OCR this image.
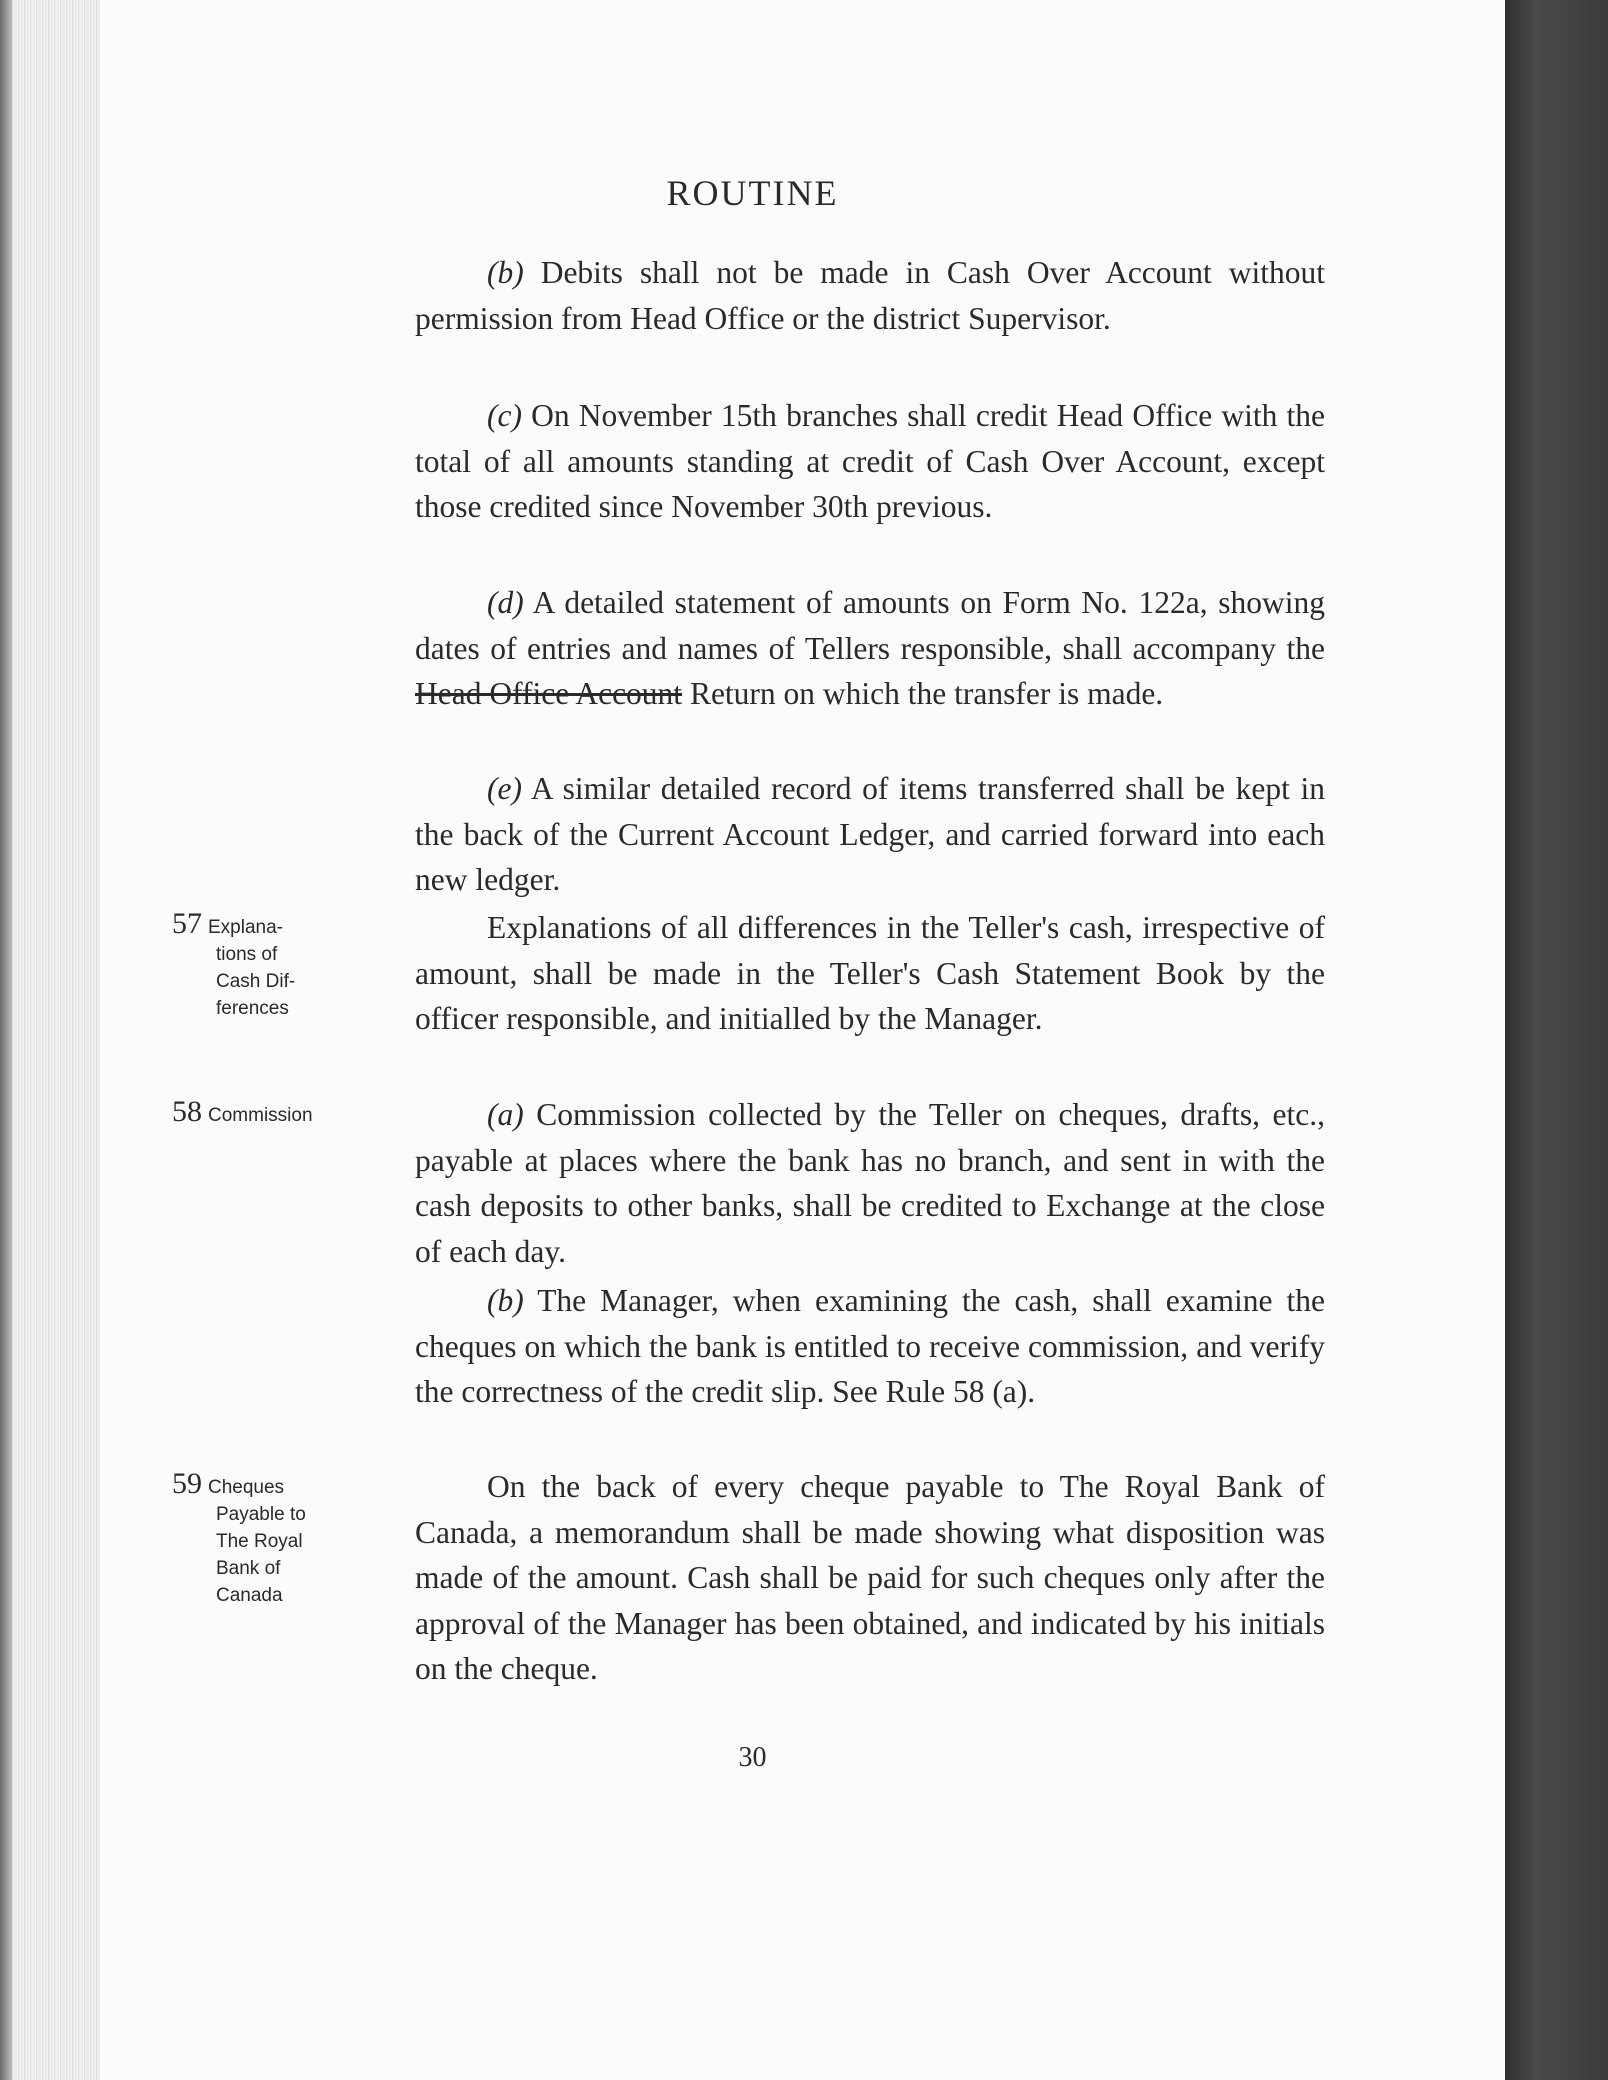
ROUTINE

(b) Debits shall not be made in Cash Over Account without permission from Head Office or the district Supervisor.

(c) On November 15th branches shall credit Head Office with the total of all amounts standing at credit of Cash Over Account, except those credited since November 30th previous.

(d) A detailed statement of amounts on Form No. 122a, showing dates of entries and names of Tellers responsible, shall accompany the Head Office Account Return on which the transfer is made.

(e) A similar detailed record of items transferred shall be kept in the back of the Current Account Ledger, and carried forward into each new ledger.

57 Explana-
tions of
Cash Dif-
ferences

Explanations of all differences in the Teller's cash, irrespective of amount, shall be made in the Teller's Cash Statement Book by the officer responsible, and initialled by the Manager.

58 Commission	(a) Commission collected by the Teller on cheques, drafts, etc., payable at places where the bank has no branch, and sent in with the cash deposits to other banks, shall be credited to Exchange at the close of each day.

(b) The Manager, when examining the cash, shall examine the cheques on which the bank is entitled to receive commission, and verify the correctness of the credit slip. See Rule 58 (a).

59 Cheques
Payable to
The Royal
Bank of
Canada

On the back of every cheque payable to The Royal Bank of Canada, a memorandum shall be made showing what disposition was made of the amount. Cash shall be paid for such cheques only after the approval of the Manager has been obtained, and indicated by his initials on the cheque.

30
